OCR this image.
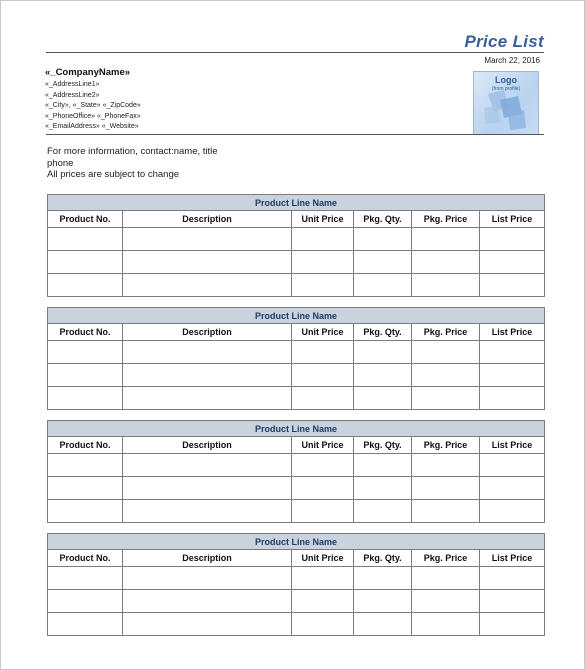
Price List
March 22, 2016
«_CompanyName»
«_AddressLine1»
«_AddressLine2»
«_City», «_State» «_ZipCode»
«_PhoneOffice» «_PhoneFax»
«_EmailAddress» «_Website»
Logo
(from profile)
For more information, contact:name, title
phone
All prices are subject to change
Product Line Name					
Product No.	Description	Unit Price	Pkg. Qty.	Pkg. Price	List Price

Product Line Name					
Product No.	Description	Unit Price	Pkg. Qty.	Pkg. Price	List Price

Product Line Name					
Product No.	Description	Unit Price	Pkg. Qty.	Pkg. Price	List Price

Product Line Name					
Product No.	Description	Unit Price	Pkg. Qty.	Pkg. Price	List Price
